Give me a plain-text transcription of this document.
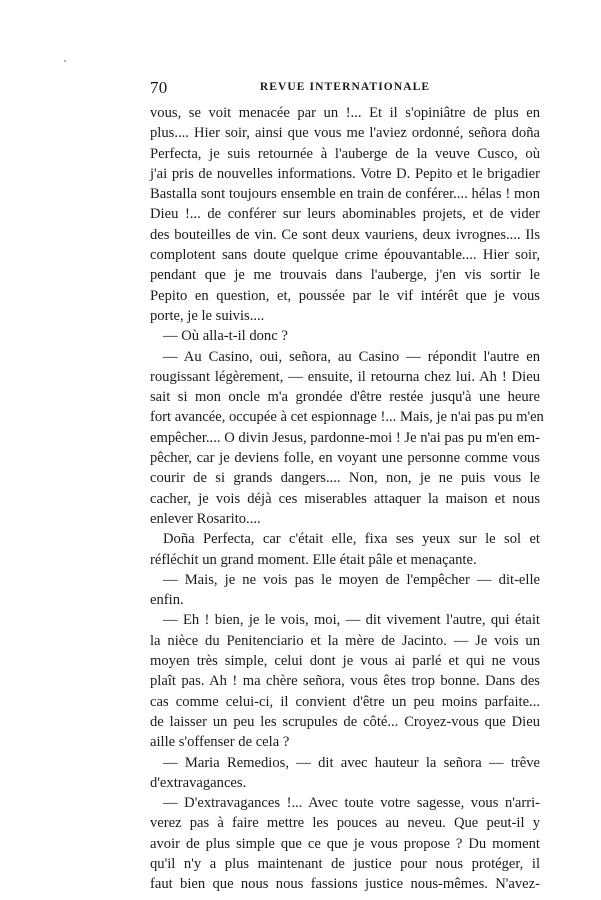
70	REVUE INTERNATIONALE
vous, se voit menacée par un !... Et il s'opiniâtre de plus en
plus.... Hier soir, ainsi que vous me l'aviez ordonné, señora doña
Perfecta, je suis retournée à l'auberge de la veuve Cusco, où
j'ai pris de nouvelles informations. Votre D. Pepito et le brigadier
Bastalla sont toujours ensemble en train de conférer.... hélas ! mon
Dieu !... de conférer sur leurs abominables projets, et de vider
des bouteilles de vin. Ce sont deux vauriens, deux ivrognes.... Ils
complotent sans doute quelque crime épouvantable.... Hier soir,
pendant que je me trouvais dans l'auberge, j'en vis sortir le
Pepito en question, et, poussée par le vif intérêt que je vous
porte, je le suivis....
— Où alla-t-il donc ?
— Au Casino, oui, señora, au Casino — répondit l'autre en
rougissant légèrement, — ensuite, il retourna chez lui. Ah ! Dieu
sait si mon oncle m'a grondée d'être restée jusqu'à une heure
fort avancée, occupée à cet espionnage !... Mais, je n'ai pas pu m'en
empêcher.... O divin Jesus, pardonne-moi ! Je n'ai pas pu m'en em-
pêcher, car je deviens folle, en voyant une personne comme vous
courir de si grands dangers.... Non, non, je ne puis vous le
cacher, je vois déjà ces miserables attaquer la maison et nous
enlever Rosarito....
Doña Perfecta, car c'était elle, fixa ses yeux sur le sol et
réfléchit un grand moment. Elle était pâle et menaçante.
— Mais, je ne vois pas le moyen de l'empêcher — dit-elle
enfin.
— Eh ! bien, je le vois, moi, — dit vivement l'autre, qui était
la nièce du Penitenciario et la mère de Jacinto. — Je vois un
moyen très simple, celui dont je vous ai parlé et qui ne vous
plaît pas. Ah ! ma chère señora, vous êtes trop bonne. Dans des
cas comme celui-ci, il convient d'être un peu moins parfaite...
de laisser un peu les scrupules de côté... Croyez-vous que Dieu
aille s'offenser de cela ?
— Maria Remedios, — dit avec hauteur la señora — trêve
d'extravagances.
— D'extravagances !... Avec toute votre sagesse, vous n'arri-
verez pas à faire mettre les pouces au neveu. Que peut-il y
avoir de plus simple que ce que je vous propose ? Du moment
qu'il n'y a plus maintenant de justice pour nous protéger, il
faut bien que nous nous fassions justice nous-mêmes. N'avez-
